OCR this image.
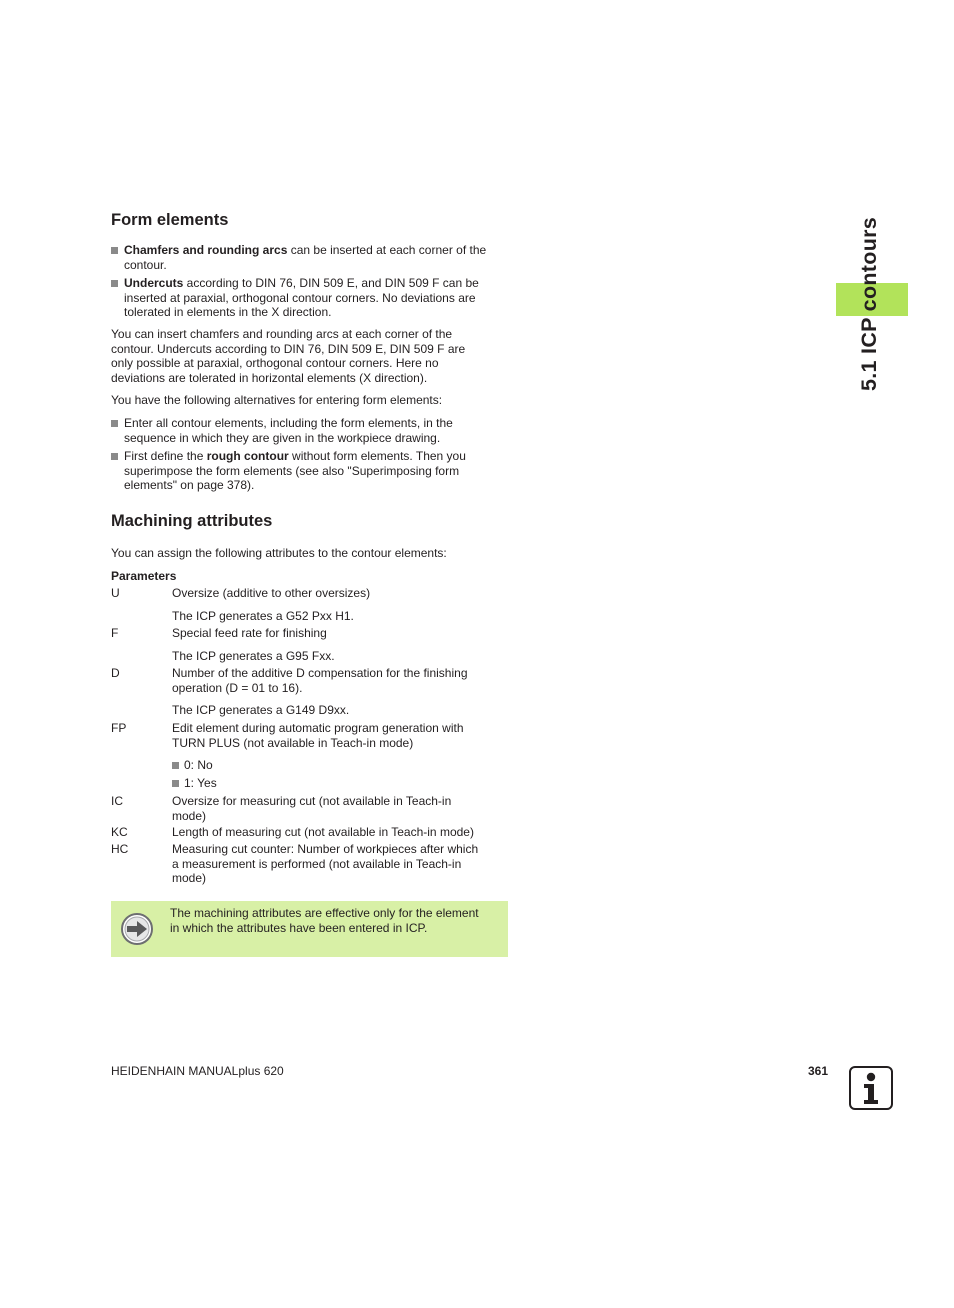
5.1 ICP contours
Form elements
Chamfers and rounding arcs can be inserted at each corner of the
contour.
Undercuts according to DIN 76, DIN 509 E, and DIN 509 F can be
inserted at paraxial, orthogonal contour corners. No deviations are
tolerated in elements in the X direction.

You can insert chamfers and rounding arcs at each corner of the
contour. Undercuts according to DIN 76, DIN 509 E, DIN 509 F are
only possible at paraxial, orthogonal contour corners. Here no
deviations are tolerated in horizontal elements (X direction).

You have the following alternatives for entering form elements:

Enter all contour elements, including the form elements, in the
sequence in which they are given in the workpiece drawing.
First define the rough contour without form elements. Then you
superimpose the form elements (see also "Superimposing form
elements" on page 378).
Machining attributes

You can assign the following attributes to the contour elements:

Parameters
U	Oversize (additive to other oversizes)
The ICP generates a G52 Pxx H1.
F	Special feed rate for finishing
The ICP generates a G95 Fxx.
D	Number of the additive D compensation for the finishing
operation (D = 01 to 16).
The ICP generates a G149 D9xx.
FP	Edit element during automatic program generation with
TURN PLUS (not available in Teach-in mode)
0: No
1: Yes
IC	Oversize for measuring cut (not available in Teach-in
mode)
KC	Length of measuring cut (not available in Teach-in mode)
HC	Measuring cut counter: Number of workpieces after which
a measurement is performed (not available in Teach-in
mode)
The machining attributes are effective only for the element
in which the attributes have been entered in ICP.
HEIDENHAIN MANUALplus 620	361
